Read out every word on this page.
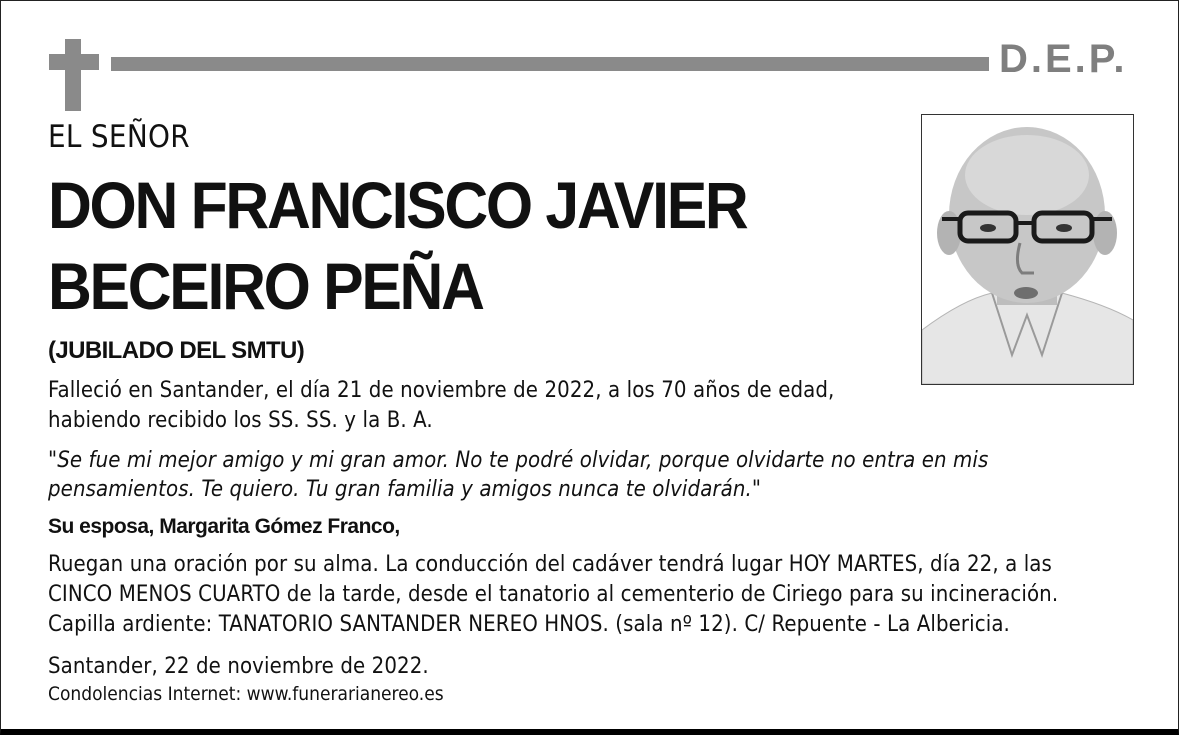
D.E.P.
EL SEÑOR
DON FRANCISCO JAVIER
BECEIRO PEÑA
(JUBILADO DEL SMTU)
Falleció en Santander, el día 21 de noviembre de 2022, a los 70 años de edad,
habiendo recibido los SS. SS. y la B. A.
"Se fue mi mejor amigo y mi gran amor. No te podré olvidar, porque olvidarte no entra en mis
pensamientos. Te quiero. Tu gran familia y amigos nunca te olvidarán."
Su esposa, Margarita Gómez Franco,
Ruegan una oración por su alma. La conducción del cadáver tendrá lugar HOY MARTES, día 22, a las
CINCO MENOS CUARTO de la tarde, desde el tanatorio al cementerio de Ciriego para su incineración.
Capilla ardiente: TANATORIO SANTANDER NEREO HNOS. (sala nº 12). C/ Repuente - La Albericia.
Santander, 22 de noviembre de 2022.
Condolencias Internet: www.funerarianereo.es
